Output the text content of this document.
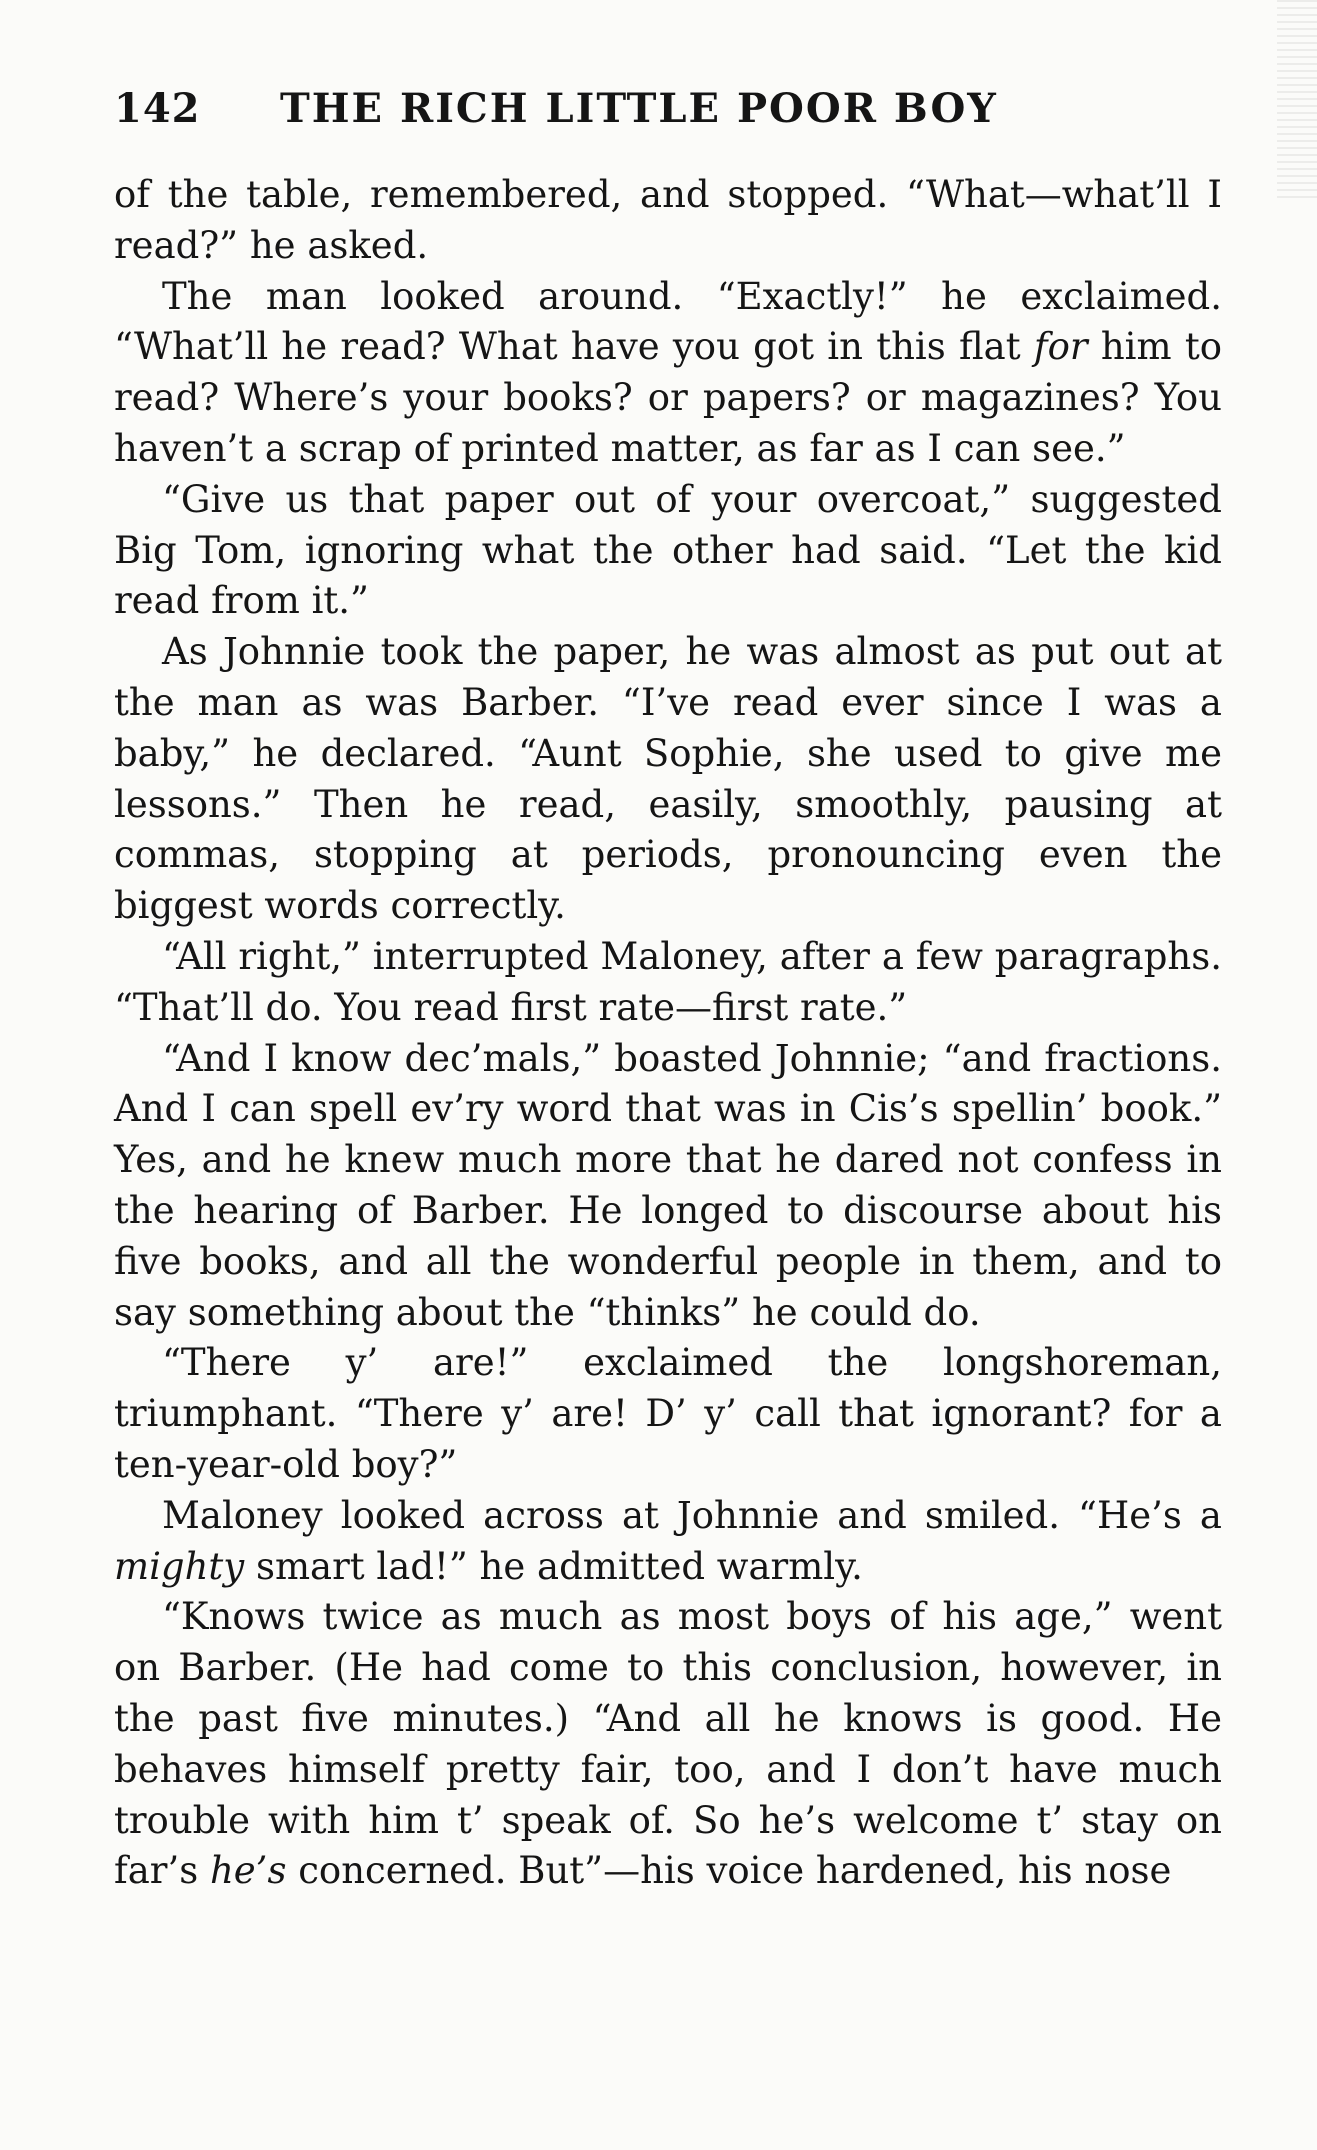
142 THE RICH LITTLE POOR BOY

of the table, remembered, and stopped. “What—what’ll I read?” he asked.

The man looked around. “Exactly!” he exclaimed. “What’ll he read? What have you got in this flat for him to read? Where’s your books? or papers? or magazines? You haven’t a scrap of printed matter, as far as I can see.”

“Give us that paper out of your overcoat,” suggested Big Tom, ignoring what the other had said. “Let the kid read from it.”

As Johnnie took the paper, he was almost as put out at the man as was Barber. “I’ve read ever since I was a baby,” he declared. “Aunt Sophie, she used to give me lessons.” Then he read, easily, smoothly, pausing at commas, stopping at periods, pronouncing even the biggest words correctly.

“All right,” interrupted Maloney, after a few paragraphs. “That’ll do. You read first rate—first rate.”

“And I know dec’mals,” boasted Johnnie; “and fractions. And I can spell ev’ry word that was in Cis’s spellin’ book.” Yes, and he knew much more that he dared not confess in the hearing of Barber. He longed to discourse about his five books, and all the wonderful people in them, and to say something about the “thinks” he could do.

“There y’ are!” exclaimed the longshoreman, triumphant. “There y’ are! D’ y’ call that ignorant? for a ten-year-old boy?”

Maloney looked across at Johnnie and smiled. “He’s a mighty smart lad!” he admitted warmly.

“Knows twice as much as most boys of his age,” went on Barber. (He had come to this conclusion, however, in the past five minutes.) “And all he knows is good. He behaves himself pretty fair, too, and I don’t have much trouble with him t’ speak of. So he’s welcome t’ stay on far’s he’s concerned. But”—his voice hardened, his nose
